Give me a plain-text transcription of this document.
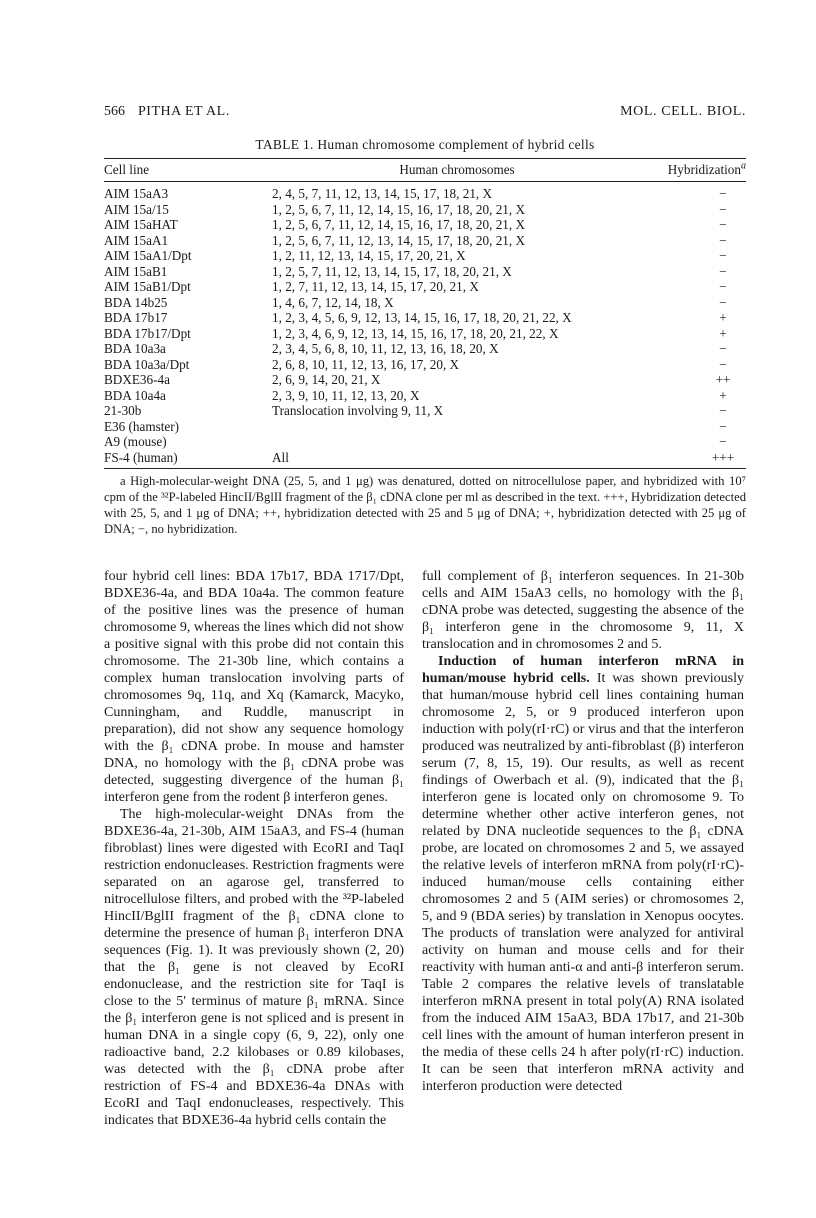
566 PITHA ET AL.	MOL. CELL. BIOL.
TABLE 1. Human chromosome complement of hybrid cells
Cell line	Human chromosomes	Hybridization$^a$
AIM 15aA3	2, 4, 5, 7, 11, 12, 13, 14, 15, 17, 18, 21, X	−
AIM 15a/15	1, 2, 5, 6, 7, 11, 12, 14, 15, 16, 17, 18, 20, 21, X	−
AIM 15aHAT	1, 2, 5, 6, 7, 11, 12, 14, 15, 16, 17, 18, 20, 21, X	−
AIM 15aA1	1, 2, 5, 6, 7, 11, 12, 13, 14, 15, 17, 18, 20, 21, X	−
AIM 15aA1/Dpt	1, 2, 11, 12, 13, 14, 15, 17, 20, 21, X	−
AIM 15aB1	1, 2, 5, 7, 11, 12, 13, 14, 15, 17, 18, 20, 21, X	−
AIM 15aB1/Dpt	1, 2, 7, 11, 12, 13, 14, 15, 17, 20, 21, X	−
BDA 14b25	1, 4, 6, 7, 12, 14, 18, X	−
BDA 17b17	1, 2, 3, 4, 5, 6, 9, 12, 13, 14, 15, 16, 17, 18, 20, 21, 22, X	+
BDA 17b17/Dpt	1, 2, 3, 4, 6, 9, 12, 13, 14, 15, 16, 17, 18, 20, 21, 22, X	+
BDA 10a3a	2, 3, 4, 5, 6, 8, 10, 11, 12, 13, 16, 18, 20, X	−
BDA 10a3a/Dpt	2, 6, 8, 10, 11, 12, 13, 16, 17, 20, X	−
BDXE36-4a	2, 6, 9, 14, 20, 21, X	++
BDA 10a4a	2, 3, 9, 10, 11, 12, 13, 20, X	+
21-30b	Translocation involving 9, 11, X	−
E36 (hamster)		−
A9 (mouse)		−
FS-4 (human)	All	+++

a High-molecular-weight DNA (25, 5, and 1 μg) was denatured, dotted on nitrocellulose paper, and hybridized with 10⁷ cpm of the ³²P-labeled HincII/BglII fragment of the β₁ cDNA clone per ml as described in the text. +++, Hybridization detected with 25, 5, and 1 μg of DNA; ++, hybridization detected with 25 and 5 μg of DNA; +, hybridization detected with 25 μg of DNA; −, no hybridization.

four hybrid cell lines: BDA 17b17, BDA 1717/Dpt, BDXE36-4a, and BDA 10a4a. The common feature of the positive lines was the presence of human chromosome 9, whereas the lines which did not show a positive signal with this probe did not contain this chromosome. The 21-30b line, which contains a complex human translocation involving parts of chromosomes 9q, 11q, and Xq (Kamarck, Macyko, Cunningham, and Ruddle, manuscript in preparation), did not show any sequence homology with the β₁ cDNA probe. In mouse and hamster DNA, no homology with the β₁ cDNA probe was detected, suggesting divergence of the human β₁ interferon gene from the rodent β interferon genes.

The high-molecular-weight DNAs from the BDXE36-4a, 21-30b, AIM 15aA3, and FS-4 (human fibroblast) lines were digested with EcoRI and TaqI restriction endonucleases. Restriction fragments were separated on an agarose gel, transferred to nitrocellulose filters, and probed with the ³²P-labeled HincII/BglII fragment of the β₁ cDNA clone to determine the presence of human β₁ interferon DNA sequences (Fig. 1). It was previously shown (2, 20) that the β₁ gene is not cleaved by EcoRI endonuclease, and the restriction site for TaqI is close to the 5′ terminus of mature β₁ mRNA. Since the β₁ interferon gene is not spliced and is present in human DNA in a single copy (6, 9, 22), only one radioactive band, 2.2 kilobases or 0.89 kilobases, was detected with the β₁ cDNA probe after restriction of FS-4 and BDXE36-4a DNAs with EcoRI and TaqI endonucleases, respectively. This indicates that BDXE36-4a hybrid cells contain the

full complement of β₁ interferon sequences. In 21-30b cells and AIM 15aA3 cells, no homology with the β₁ cDNA probe was detected, suggesting the absence of the β₁ interferon gene in the chromosome 9, 11, X translocation and in chromosomes 2 and 5.

Induction of human interferon mRNA in human/mouse hybrid cells. It was shown previously that human/mouse hybrid cell lines containing human chromosome 2, 5, or 9 produced interferon upon induction with poly(rI·rC) or virus and that the interferon produced was neutralized by anti-fibroblast (β) interferon serum (7, 8, 15, 19). Our results, as well as recent findings of Owerbach et al. (9), indicated that the β₁ interferon gene is located only on chromosome 9. To determine whether other active interferon genes, not related by DNA nucleotide sequences to the β₁ cDNA probe, are located on chromosomes 2 and 5, we assayed the relative levels of interferon mRNA from poly(rI·rC)-induced human/mouse cells containing either chromosomes 2 and 5 (AIM series) or chromosomes 2, 5, and 9 (BDA series) by translation in Xenopus oocytes. The products of translation were analyzed for antiviral activity on human and mouse cells and for their reactivity with human anti-α and anti-β interferon serum. Table 2 compares the relative levels of translatable interferon mRNA present in total poly(A) RNA isolated from the induced AIM 15aA3, BDA 17b17, and 21-30b cell lines with the amount of human interferon present in the media of these cells 24 h after poly(rI·rC) induction. It can be seen that interferon mRNA activity and interferon production were detected
